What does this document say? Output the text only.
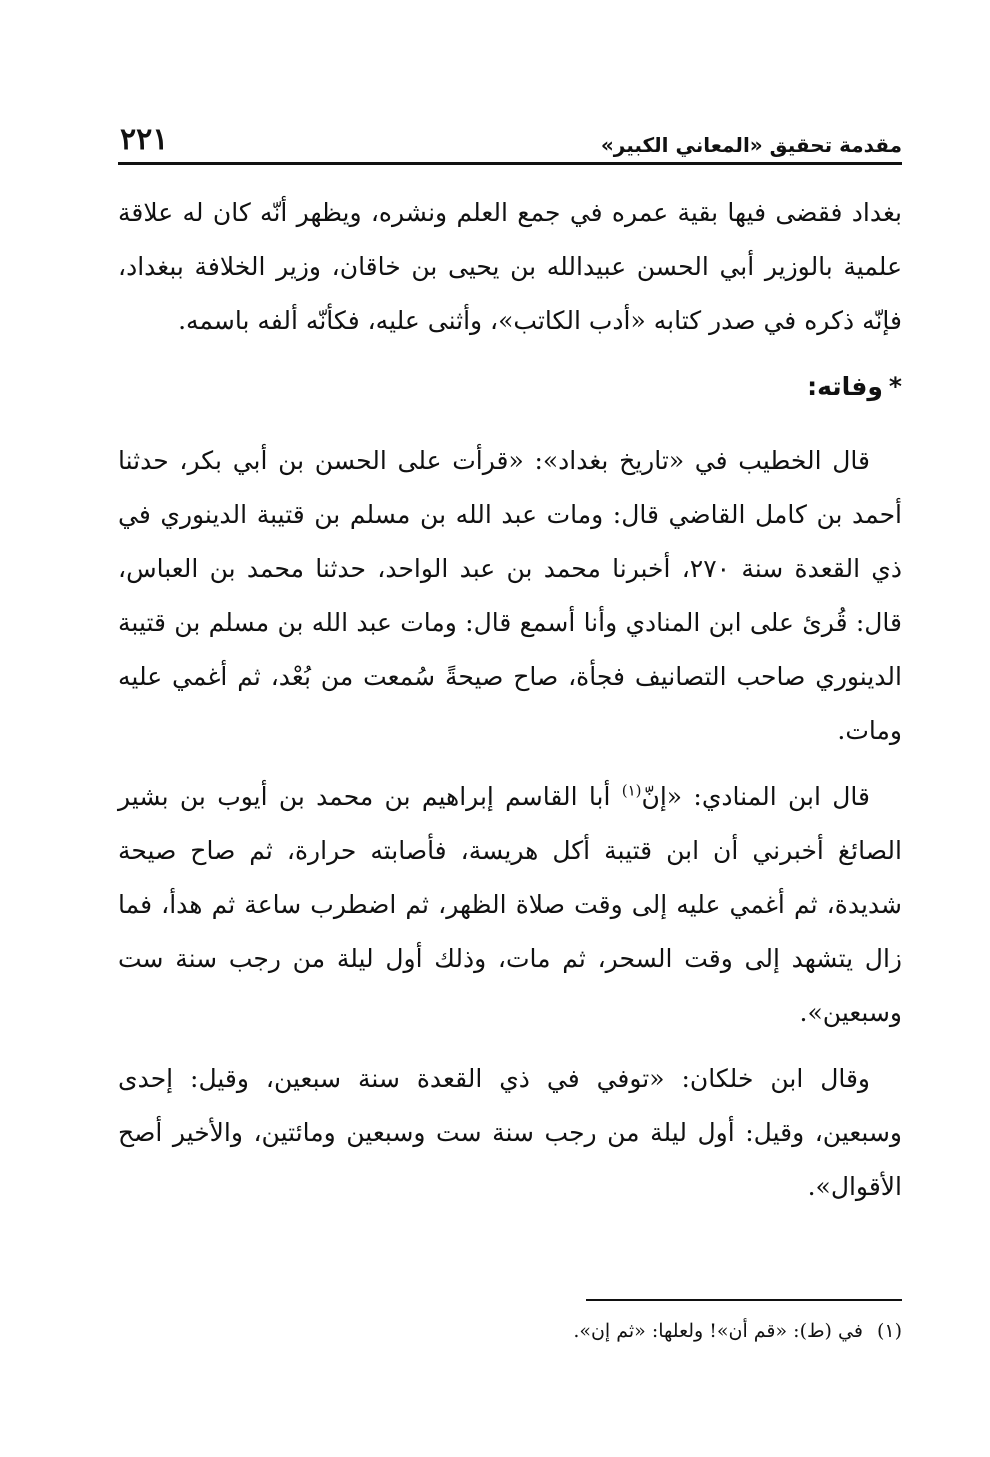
مقدمة تحقيق «المعاني الكبير»
٢٢١

بغداد فقضى فيها بقية عمره في جمع العلم ونشره، ويظهر أنّه كان له علاقة علمية بالوزير أبي الحسن عبيدالله بن يحيى بن خاقان، وزير الخلافة ببغداد، فإنّه ذكره في صدر كتابه «أدب الكاتب»، وأثنى عليه، فكأنّه ألفه باسمه.

*وفاته:

قال الخطيب في «تاريخ بغداد»: «قرأت على الحسن بن أبي بكر، حدثنا أحمد بن كامل القاضي قال: ومات عبد الله بن مسلم بن قتيبة الدينوري في ذي القعدة سنة ٢٧٠، أخبرنا محمد بن عبد الواحد، حدثنا محمد بن العباس، قال: قُرئ على ابن المنادي وأنا أسمع قال: ومات عبد الله بن مسلم بن قتيبة الدينوري صاحب التصانيف فجأة، صاح صيحةً سُمعت من بُعْد، ثم أغمي عليه ومات.

قال ابن المنادي: «إنّ$^{(١)}$ أبا القاسم إبراهيم بن محمد بن أيوب بن بشير الصائغ أخبرني أن ابن قتيبة أكل هريسة، فأصابته حرارة، ثم صاح صيحة شديدة، ثم أغمي عليه إلى وقت صلاة الظهر، ثم اضطرب ساعة ثم هدأ، فما زال يتشهد إلى وقت السحر، ثم مات، وذلك أول ليلة من رجب سنة ست وسبعين».

وقال ابن خلكان: «توفي في ذي القعدة سنة سبعين، وقيل: إحدى وسبعين، وقيل: أول ليلة من رجب سنة ست وسبعين ومائتين، والأخير أصح الأقوال».

(١)في (ط): «قم أن»! ولعلها: «ثم إن».
